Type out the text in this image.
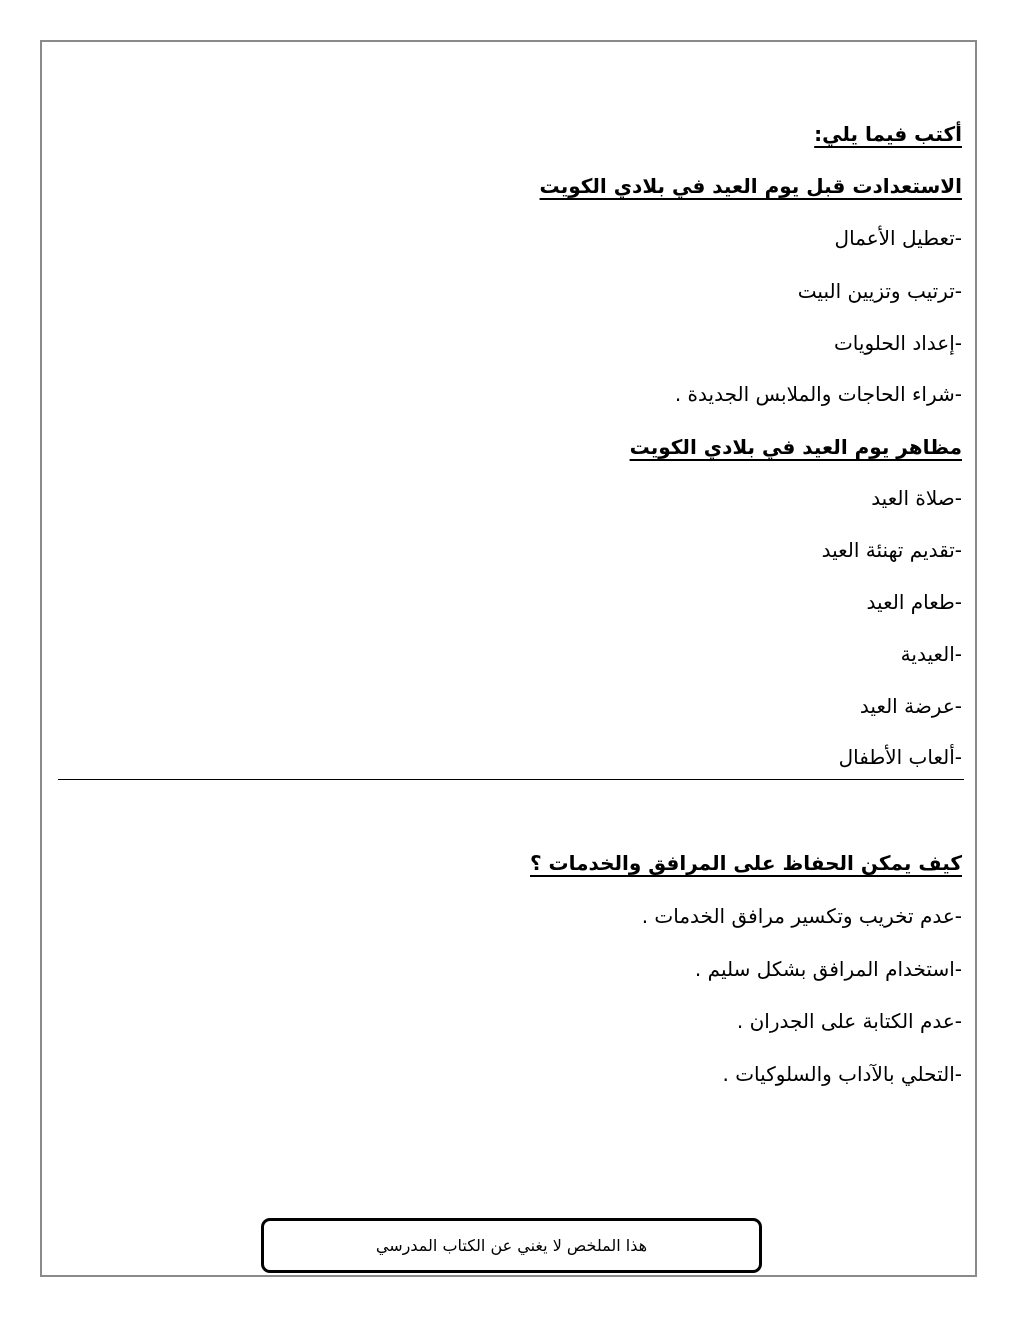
أكتب فيما يلي:
الاستعدادت قبل يوم العيد في بلادي الكويت
-تعطيل الأعمال
-ترتيب وتزيين البيت
-إعداد الحلويات
-شراء الحاجات والملابس الجديدة .
مظاهر يوم العيد في بلادي الكويت
-صلاة العيد
-تقديم تهنئة العيد
-طعام العيد
-العيدية
-عرضة العيد
-ألعاب الأطفال
كيف يمكن الحفاظ على المرافق والخدمات ؟
-عدم تخريب وتكسير مرافق الخدمات .
-استخدام المرافق بشكل سليم .
-عدم الكتابة على الجدران .
-التحلي بالآداب والسلوكيات .
هذا الملخص لا يغني عن الكتاب المدرسي
